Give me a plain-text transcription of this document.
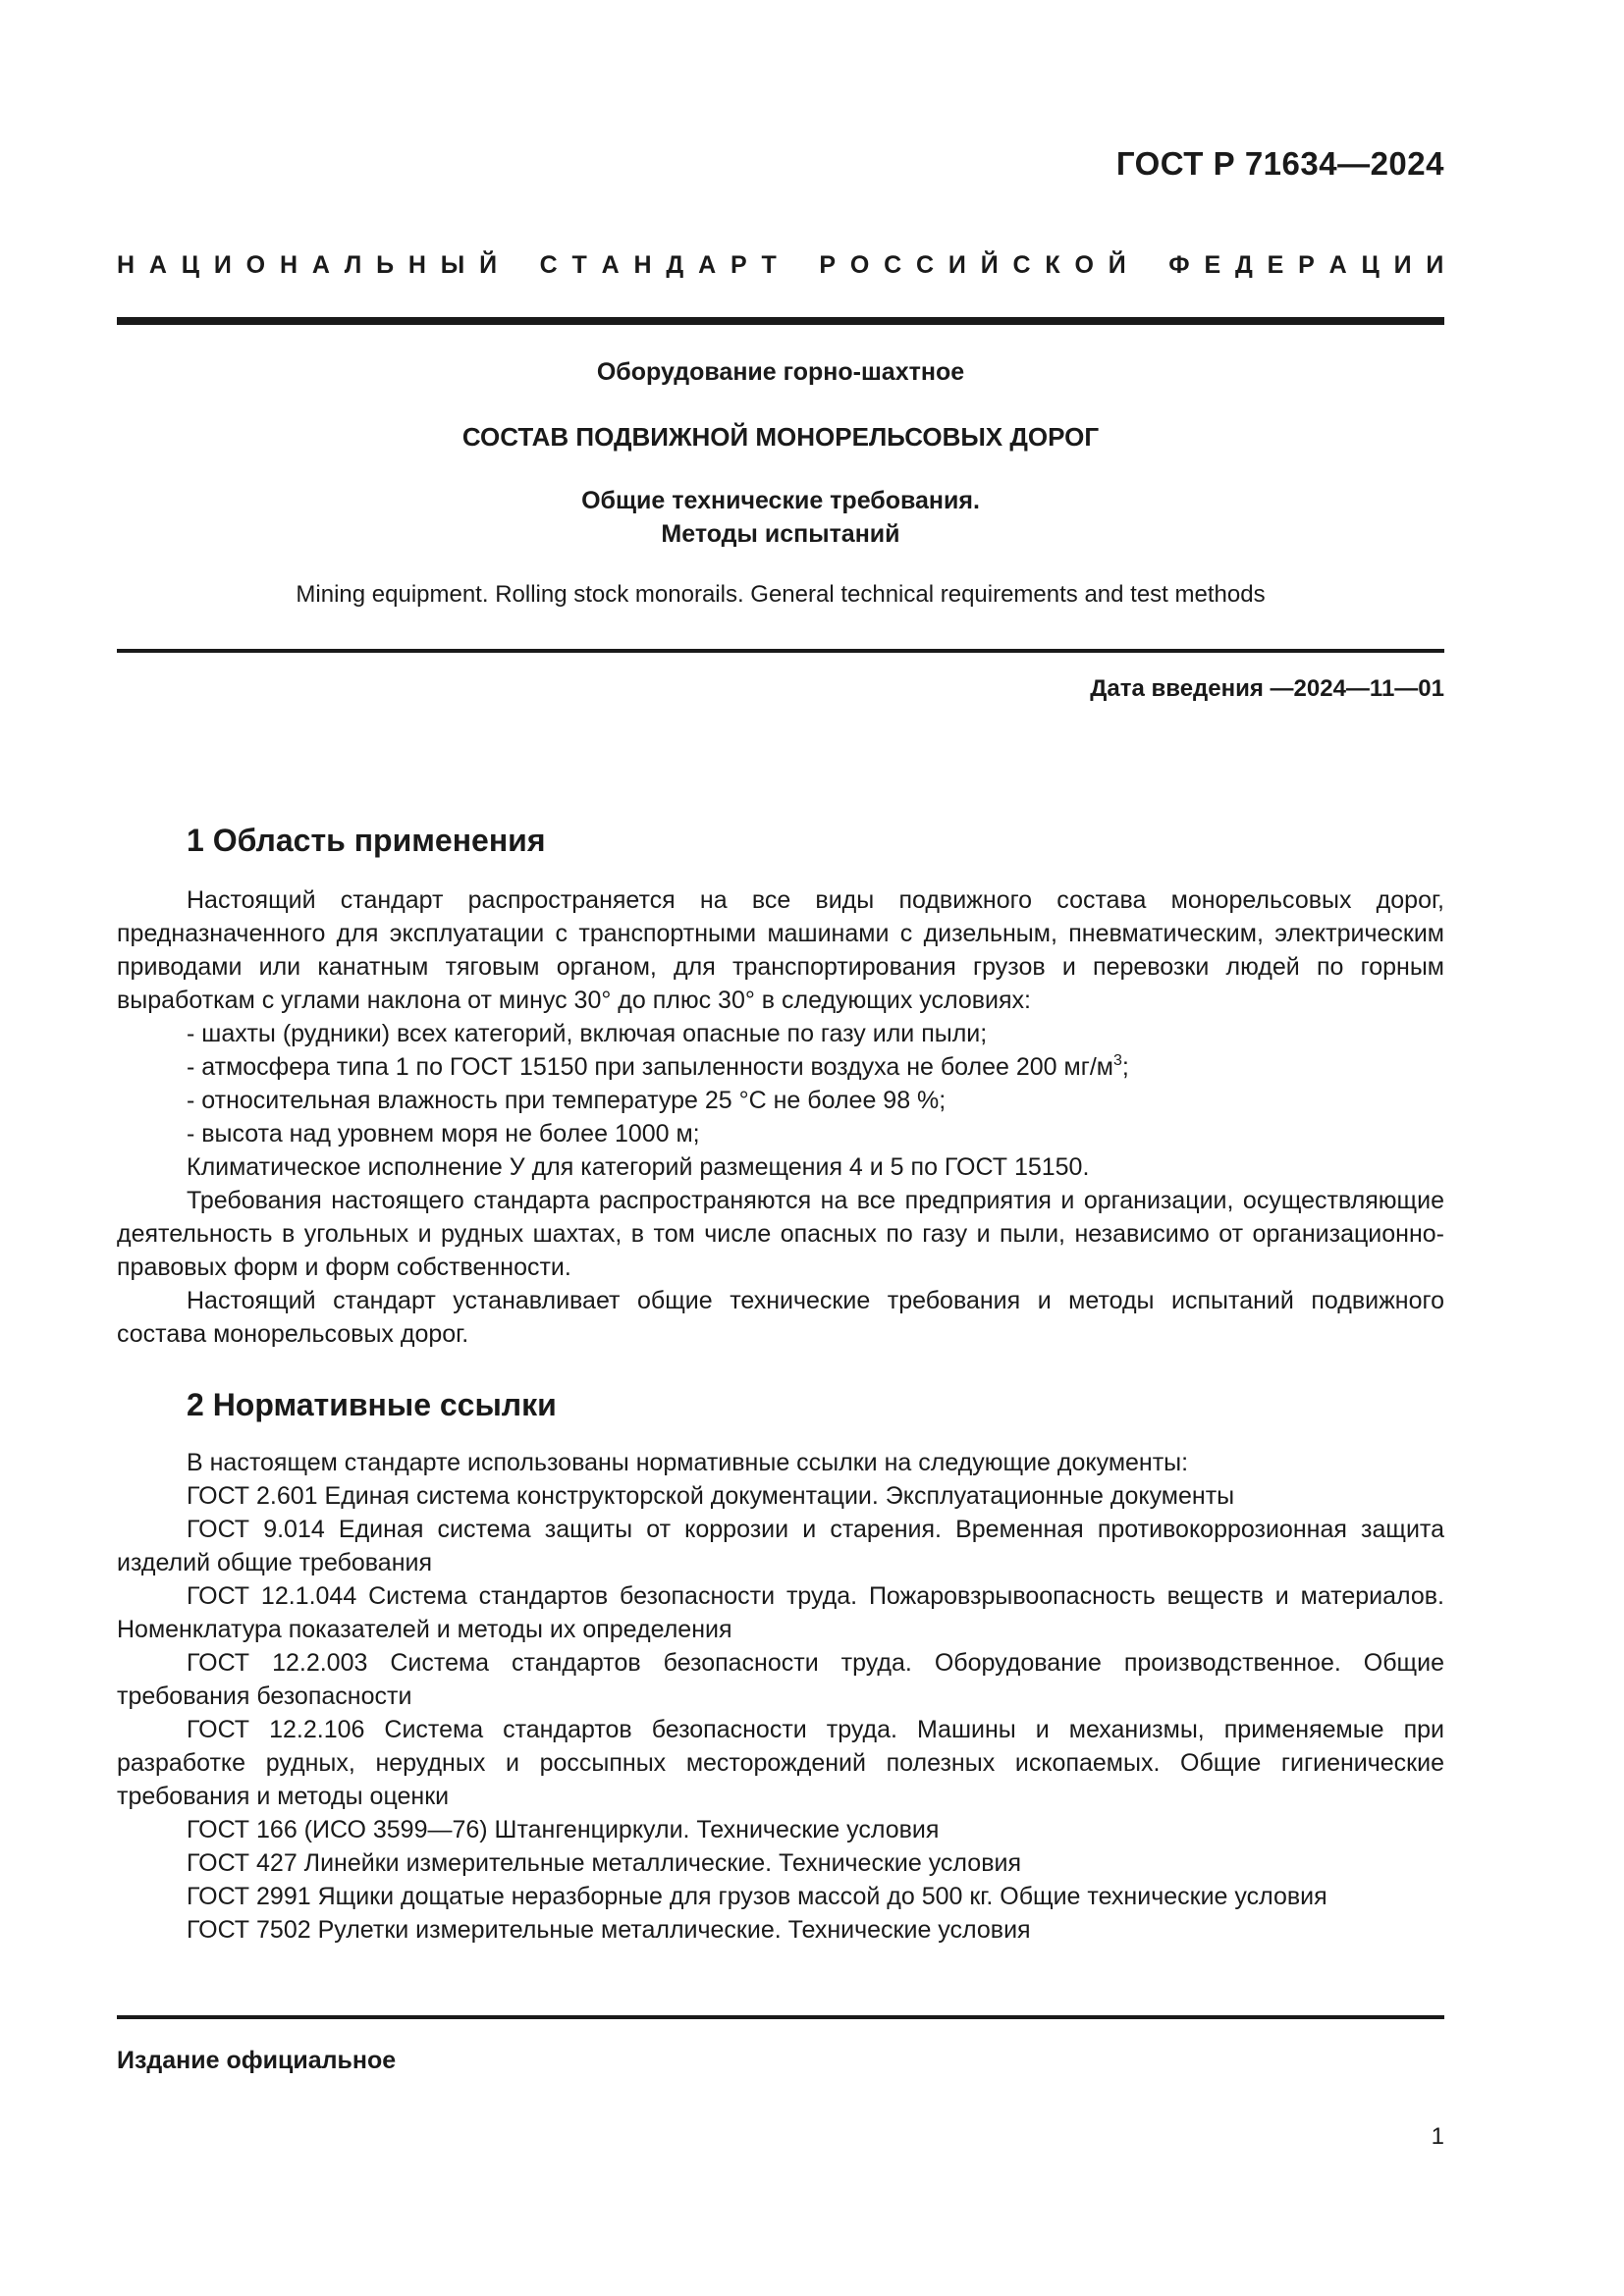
ГОСТ Р 71634—2024
Н А Ц И О Н А Л Ь Н Ы Й
С Т А Н Д А Р Т
Р О С С И Й С К О Й
Ф Е Д Е Р А Ц И И
Оборудование горно-шахтное
СОСТАВ ПОДВИЖНОЙ МОНОРЕЛЬСОВЫХ ДОРОГ
Общие технические требования.
Методы испытаний
Mining equipment. Rolling stock monorails. General technical requirements and test methods
Дата введения —2024—11—01
1 Область применения

Настоящий стандарт распространяется на все виды подвижного состава монорельсовых дорог, предназначенного для эксплуатации с транспортными машинами с дизельным, пневматическим, электрическим приводами или канатным тяговым органом, для транспортирования грузов и перевозки людей по горным выработкам с углами наклона от минус 30° до плюс 30° в следующих условиях:

- шахты (рудники) всех категорий, включая опасные по газу или пыли;

- атмосфера типа 1 по ГОСТ 15150 при запыленности воздуха не более 200 $мг/м^3$;

- относительная влажность при температуре 25 °С не более 98 %;

- высота над уровнем моря не более 1000 м;

Климатическое исполнение У для категорий размещения 4 и 5 по ГОСТ 15150.

Требования настоящего стандарта распространяются на все предприятия и организации, осуществляющие деятельность в угольных и рудных шахтах, в том числе опасных по газу и пыли, независимо от организационно-правовых форм и форм собственности.

Настоящий стандарт устанавливает общие технические требования и методы испытаний подвижного состава монорельсовых дорог.

2 Нормативные ссылки

В настоящем стандарте использованы нормативные ссылки на следующие документы:

ГОСТ 2.601 Единая система конструкторской документации. Эксплуатационные документы

ГОСТ 9.014 Единая система защиты от коррозии и старения. Временная противокоррозионная защита изделий общие требования

ГОСТ 12.1.044 Система стандартов безопасности труда. Пожаровзрывоопасность веществ и материалов. Номенклатура показателей и методы их определения

ГОСТ 12.2.003 Система стандартов безопасности труда. Оборудование производственное. Общие требования безопасности

ГОСТ 12.2.106 Система стандартов безопасности труда. Машины и механизмы, применяемые при разработке рудных, нерудных и россыпных месторождений полезных ископаемых. Общие гигиенические требования и методы оценки

ГОСТ 166 (ИСО 3599—76) Штангенциркули. Технические условия

ГОСТ 427 Линейки измерительные металлические. Технические условия

ГОСТ 2991 Ящики дощатые неразборные для грузов массой до 500 кг. Общие технические условия

ГОСТ 7502 Рулетки измерительные металлические. Технические условия

Издание официальное
1
